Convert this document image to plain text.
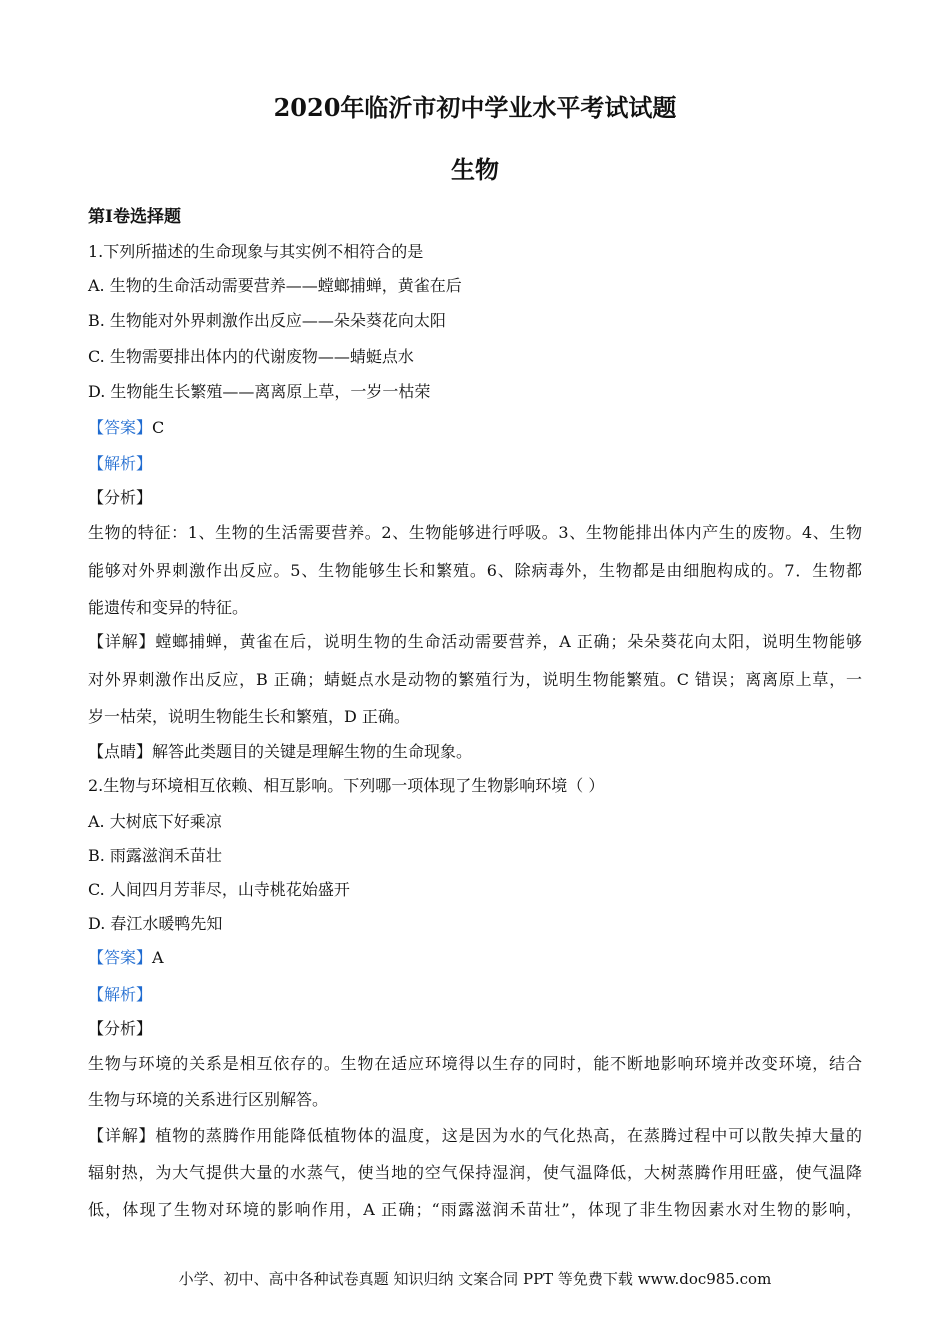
2020年临沂市初中学业水平考试试题
生物
第Ⅰ卷选择题
1.下列所描述的生命现象与其实例不相符合的是
A. 生物的生命活动需要营养——螳螂捕蝉，黄雀在后
B. 生物能对外界刺激作出反应——朵朵葵花向太阳
C. 生物需要排出体内的代谢废物——蜻蜓点水
D. 生物能生长繁殖——离离原上草，一岁一枯荣
【答案】C
【解析】
【分析】
生物的特征：1、生物的生活需要营养。2、生物能够进行呼吸。3、生物能排出体内产生的废物。4、生物
能够对外界刺激作出反应。5、生物能够生长和繁殖。6、除病毒外，生物都是由细胞构成的。7．生物都
能遗传和变异的特征。
【详解】螳螂捕蝉，黄雀在后，说明生物的生命活动需要营养，A 正确；朵朵葵花向太阳，说明生物能够
对外界刺激作出反应，B 正确；蜻蜓点水是动物的繁殖行为，说明生物能繁殖。C 错误；离离原上草，一
岁一枯荣，说明生物能生长和繁殖，D 正确。
【点睛】解答此类题目的关键是理解生物的生命现象。
2.生物与环境相互依赖、相互影响。下列哪一项体现了生物影响环境（ ）
A. 大树底下好乘凉
B. 雨露滋润禾苗壮
C. 人间四月芳菲尽，山寺桃花始盛开
D. 春江水暖鸭先知
【答案】A
【解析】
【分析】
生物与环境的关系是相互依存的。生物在适应环境得以生存的同时，能不断地影响环境并改变环境，结合
生物与环境的关系进行区别解答。
【详解】植物的蒸腾作用能降低植物体的温度，这是因为水的气化热高，在蒸腾过程中可以散失掉大量的
辐射热，为大气提供大量的水蒸气，使当地的空气保持湿润，使气温降低，大树蒸腾作用旺盛，使气温降
低，体现了生物对环境的影响作用，A 正确；“雨露滋润禾苗壮”，体现了非生物因素水对生物的影响，
小学、初中、高中各种试卷真题 知识归纳 文案合同 PPT 等免费下载 www.doc985.com
